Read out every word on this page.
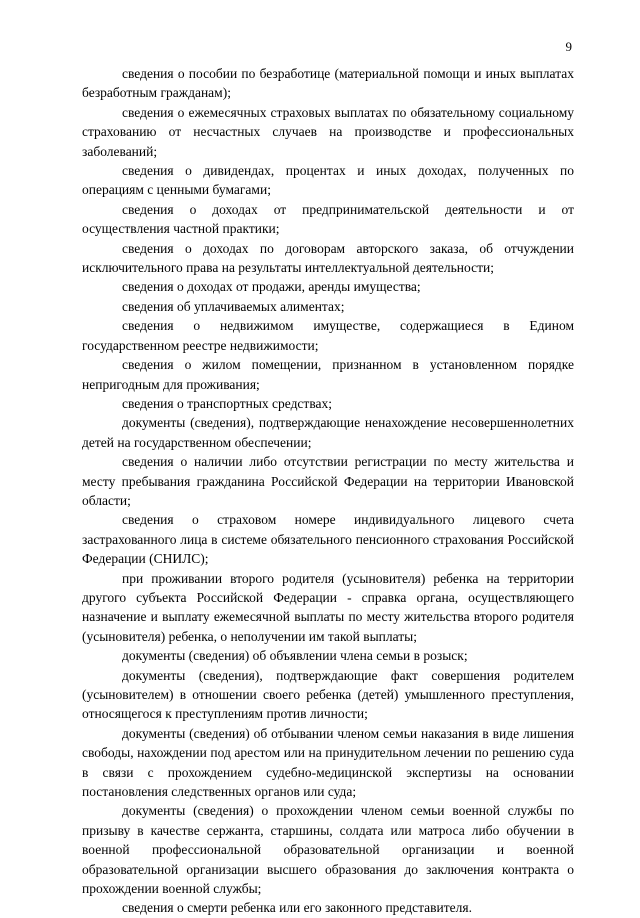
9

сведения о пособии по безработице (материальной помощи и иных выплатах безработным гражданам);

сведения о ежемесячных страховых выплатах по обязательному социальному страхованию от несчастных случаев на производстве и профессиональных заболеваний;

сведения о дивидендах, процентах и иных доходах, полученных по операциям с ценными бумагами;

сведения о доходах от предпринимательской деятельности и от осуществления частной практики;

сведения о доходах по договорам авторского заказа, об отчуждении исключительного права на результаты интеллектуальной деятельности;

сведения о доходах от продажи, аренды имущества;

сведения об уплачиваемых алиментах;

сведения о недвижимом имуществе, содержащиеся в Едином государственном реестре недвижимости;

сведения о жилом помещении, признанном в установленном порядке непригодным для проживания;

сведения о транспортных средствах;

документы (сведения), подтверждающие ненахождение несовершеннолетних детей на государственном обеспечении;

сведения о наличии либо отсутствии регистрации по месту жительства и месту пребывания гражданина Российской Федерации на территории Ивановской области;

сведения о страховом номере индивидуального лицевого счета застрахованного лица в системе обязательного пенсионного страхования Российской Федерации (СНИЛС);

при проживании второго родителя (усыновителя) ребенка на территории другого субъекта Российской Федерации - справка органа, осуществляющего назначение и выплату ежемесячной выплаты по месту жительства второго родителя (усыновителя) ребенка, о неполучении им такой выплаты;

документы (сведения) об объявлении члена семьи в розыск;

документы (сведения), подтверждающие факт совершения родителем (усыновителем) в отношении своего ребенка (детей) умышленного преступления, относящегося к преступлениям против личности;

документы (сведения) об отбывании членом семьи наказания в виде лишения свободы, нахождении под арестом или на принудительном лечении по решению суда в связи с прохождением судебно-медицинской экспертизы на основании постановления следственных органов или суда;

документы (сведения) о прохождении членом семьи военной службы по призыву в качестве сержанта, старшины, солдата или матроса либо обучении в военной профессиональной образовательной организации и военной образовательной организации высшего образования до заключения контракта о прохождении военной службы;

сведения о смерти ребенка или его законного представителя.
